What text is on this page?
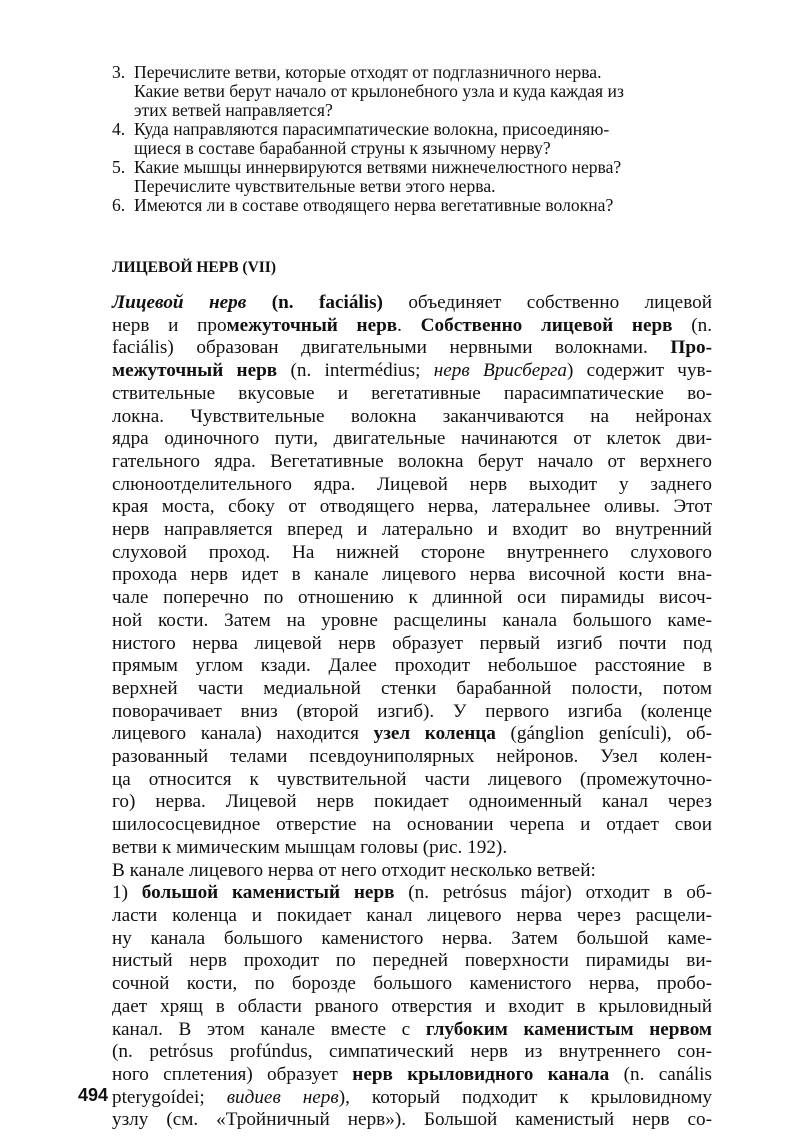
3. Перечислите ветви, которые отходят от подглазничного нерва.
Какие ветви берут начало от крылонебного узла и куда каждая из
этих ветвей направляется?
4. Куда направляются парасимпатические волокна, присоединяю-
щиеся в составе барабанной струны к язычному нерву?
5. Какие мышцы иннервируются ветвями нижнечелюстного нерва?
Перечислите чувствительные ветви этого нерва.
6. Имеются ли в составе отводящего нерва вегетативные волокна?
ЛИЦЕВОЙ НЕРВ (VII)
Лицевой нерв (n. faciális) объединяет собственно лицевой
нерв и промежуточный нерв. Собственно лицевой нерв (n.
faciális) образован двигательными нервными волокнами. Про-
межуточный нерв (n. intermédius; нерв Врисберга) содержит чув-
ствительные вкусовые и вегетативные парасимпатические во-
локна. Чувствительные волокна заканчиваются на нейронах
ядра одиночного пути, двигательные начинаются от клеток дви-
гательного ядра. Вегетативные волокна берут начало от верхнего
слюноотделительного ядра. Лицевой нерв выходит у заднего
края моста, сбоку от отводящего нерва, латеральнее оливы. Этот
нерв направляется вперед и латерально и входит во внутренний
слуховой проход. На нижней стороне внутреннего слухового
прохода нерв идет в канале лицевого нерва височной кости вна-
чале поперечно по отношению к длинной оси пирамиды височ-
ной кости. Затем на уровне расщелины канала большого каме-
нистого нерва лицевой нерв образует первый изгиб почти под
прямым углом кзади. Далее проходит небольшое расстояние в
верхней части медиальной стенки барабанной полости, потом
поворачивает вниз (второй изгиб). У первого изгиба (коленце
лицевого канала) находится узел коленца (gánglion genículi), об-
разованный телами псевдоуниполярных нейронов. Узел колен-
ца относится к чувствительной части лицевого (промежуточно-
го) нерва. Лицевой нерв покидает одноименный канал через
шилососцевидное отверстие на основании черепа и отдает свои
ветви к мимическим мышцам головы (рис. 192).
В канале лицевого нерва от него отходит несколько ветвей:
1) большой каменистый нерв (n. petrósus májor) отходит в об-
ласти коленца и покидает канал лицевого нерва через расщели-
ну канала большого каменистого нерва. Затем большой каме-
нистый нерв проходит по передней поверхности пирамиды ви-
сочной кости, по борозде большого каменистого нерва, пробо-
дает хрящ в области рваного отверстия и входит в крыловидный
канал. В этом канале вместе с глубоким каменистым нервом
(n. petrósus profúndus, симпатический нерв из внутреннего сон-
ного сплетения) образует нерв крыловидного канала (n. canális
pterygoídei; видиев нерв), который подходит к крыловидному
узлу (см. «Тройничный нерв»). Большой каменистый нерв со-
494
